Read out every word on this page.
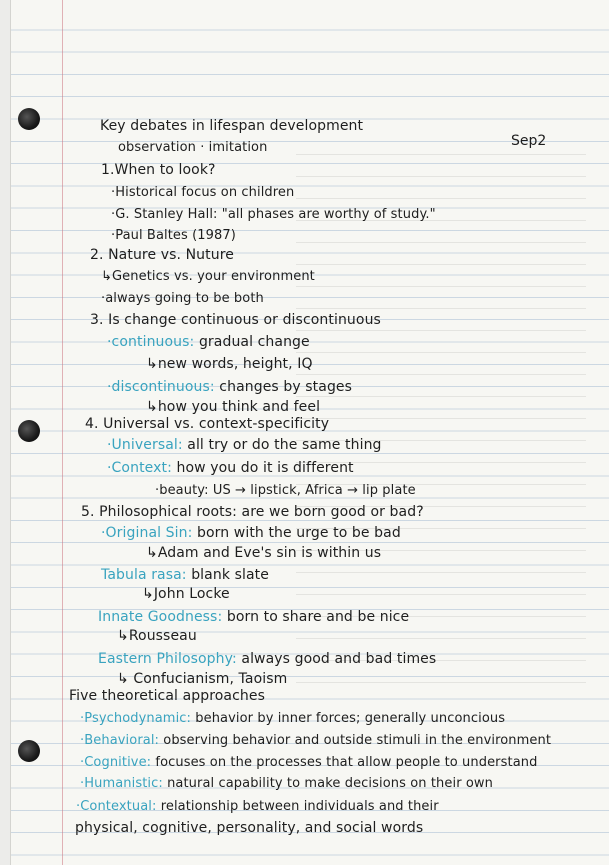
Sep2
Key debates in lifespan development
observation · imitation
1.When to look?
·Historical focus on children
·G. Stanley Hall: "all phases are worthy of study."
·Paul Baltes (1987)
2. Nature vs. Nuture
↳Genetics vs. your environment
·always going to be both
3. Is change continuous or discontinuous
·continuous: gradual change
↳new words, height, IQ
·discontinuous: changes by stages
↳how you think and feel
4. Universal vs. context-specificity
·Universal: all try or do the same thing
·Context: how you do it is different
·beauty: US → lipstick, Africa → lip plate
5. Philosophical roots: are we born good or bad?
·Original Sin: born with the urge to be bad
↳Adam and Eve's sin is within us
Tabula rasa: blank slate
↳John Locke
Innate Goodness: born to share and be nice
↳Rousseau
Eastern Philosophy: always good and bad times
↳ Confucianism, Taoism
Five theoretical approaches
·Psychodynamic: behavior by inner forces; generally unconcious
·Behavioral: observing behavior and outside stimuli in the environment
·Cognitive: focuses on the processes that allow people to understand
·Humanistic: natural capability to make decisions on their own
·Contextual: relationship between individuals and their
physical, cognitive, personality, and social words
